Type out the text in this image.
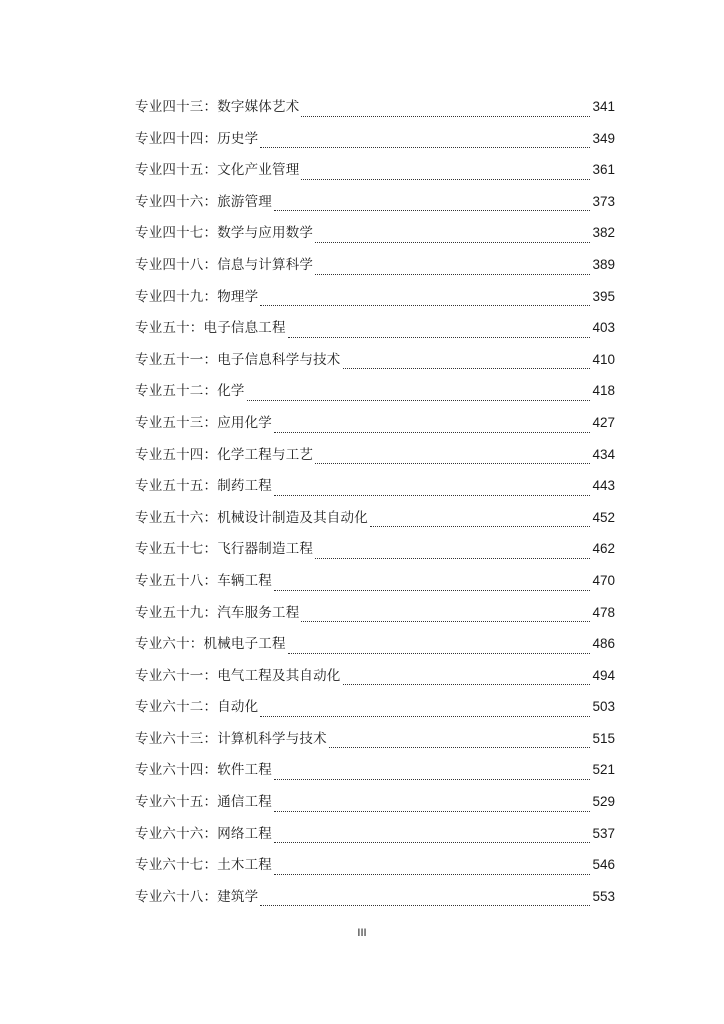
专业四十三：数字媒体艺术	341
专业四十四：历史学	349
专业四十五：文化产业管理	361
专业四十六：旅游管理	373
专业四十七：数学与应用数学	382
专业四十八：信息与计算科学	389
专业四十九：物理学	395
专业五十：电子信息工程	403
专业五十一：电子信息科学与技术	410
专业五十二：化学	418
专业五十三：应用化学	427
专业五十四：化学工程与工艺	434
专业五十五：制药工程	443
专业五十六：机械设计制造及其自动化	452
专业五十七：飞行器制造工程	462
专业五十八：车辆工程	470
专业五十九：汽车服务工程	478
专业六十：机械电子工程	486
专业六十一：电气工程及其自动化	494
专业六十二：自动化	503
专业六十三：计算机科学与技术	515
专业六十四：软件工程	521
专业六十五：通信工程	529
专业六十六：网络工程	537
专业六十七：土木工程	546
专业六十八：建筑学	553
III
